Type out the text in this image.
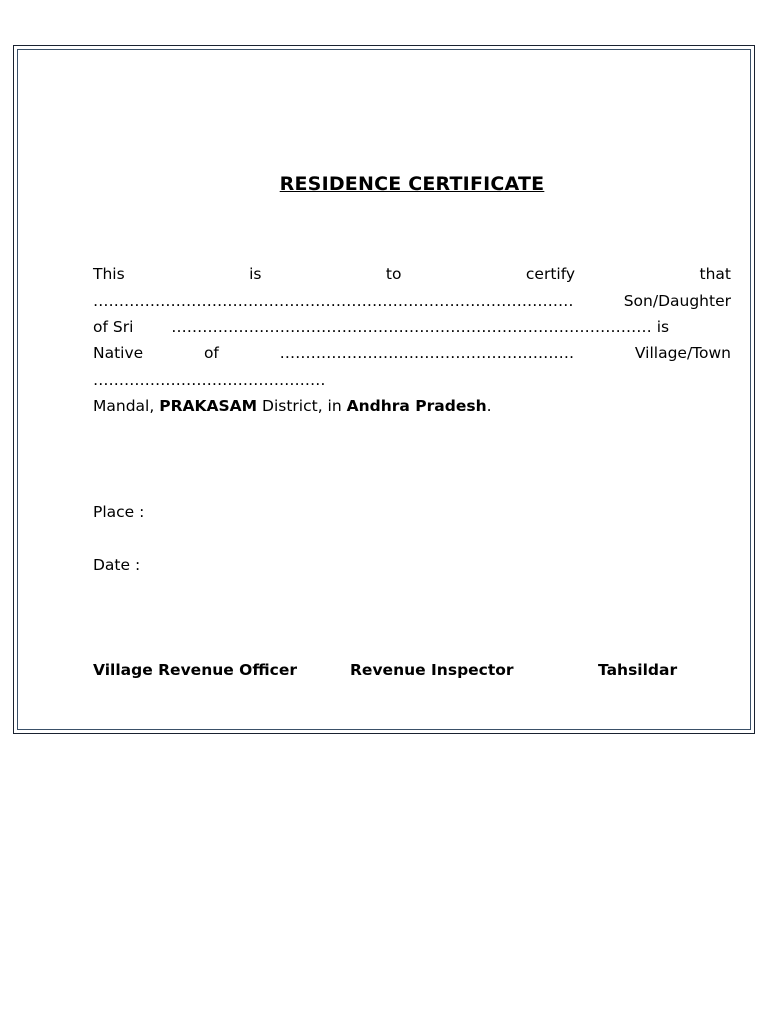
RESIDENCE CERTIFICATE
This	is	to	certify	that
…………………………………………………………………………………	Son/Daughter
of Sri ………………………………………………………………………………… is
Native	of	…………………………………………………	Village/Town
………………………………………
Mandal, PRAKASAM District, in Andhra Pradesh.
Place :
Date :
Village Revenue Officer	Revenue Inspector	Tahsildar
